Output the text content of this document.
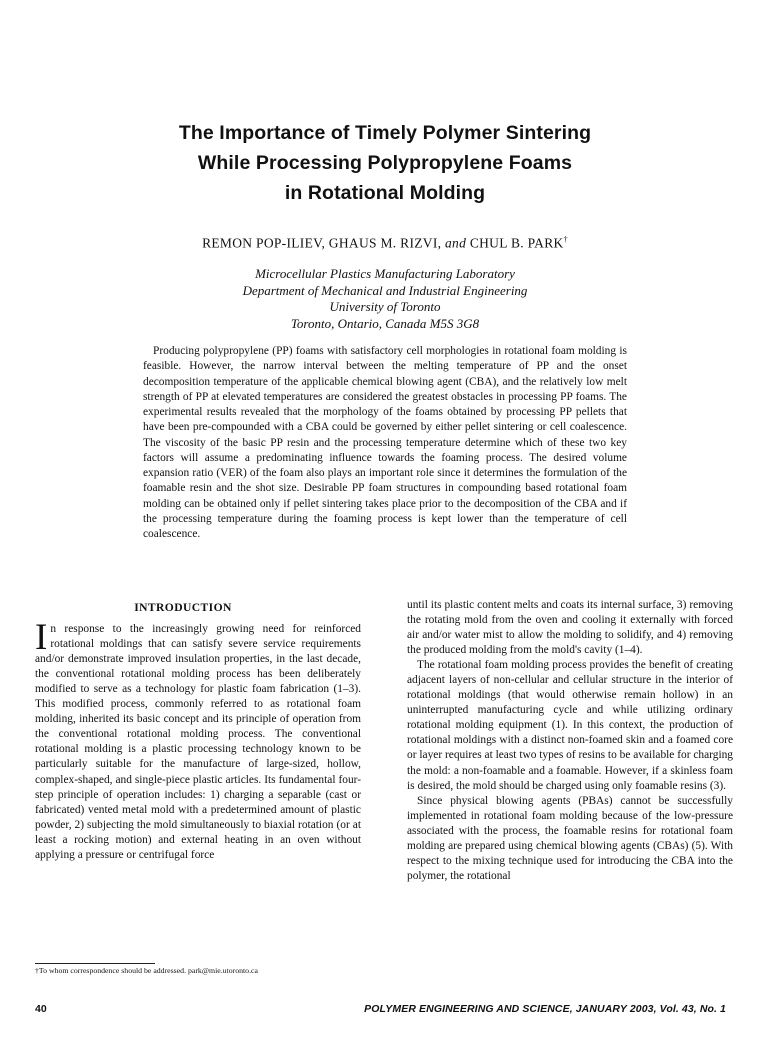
The Importance of Timely Polymer Sintering
While Processing Polypropylene Foams
in Rotational Molding
REMON POP-ILIEV, GHAUS M. RIZVI, and CHUL B. PARK†
Microcellular Plastics Manufacturing Laboratory
Department of Mechanical and Industrial Engineering
University of Toronto
Toronto, Ontario, Canada M5S 3G8

Producing polypropylene (PP) foams with satisfactory cell morphologies in rotational foam molding is feasible. However, the narrow interval between the melting temperature of PP and the onset decomposition temperature of the applicable chemical blowing agent (CBA), and the relatively low melt strength of PP at elevated temperatures are considered the greatest obstacles in processing PP foams. The experimental results revealed that the morphology of the foams obtained by processing PP pellets that have been pre-compounded with a CBA could be governed by either pellet sintering or cell coalescence. The viscosity of the basic PP resin and the processing temperature determine which of these two key factors will assume a predominating influence towards the foaming process. The desired volume expansion ratio (VER) of the foam also plays an important role since it determines the formulation of the foamable resin and the shot size. Desirable PP foam structures in compounding based rotational foam molding can be obtained only if pellet sintering takes place prior to the decomposition of the CBA and if the processing temperature during the foaming process is kept lower than the temperature of cell coalescence.

INTRODUCTION

In response to the increasingly growing need for reinforced rotational moldings that can satisfy severe service requirements and/or demonstrate improved insulation properties, in the last decade, the conventional rotational molding process has been deliberately modified to serve as a technology for plastic foam fabrication (1–3). This modified process, commonly referred to as rotational foam molding, inherited its basic concept and its principle of operation from the conventional rotational molding process. The conventional rotational molding is a plastic processing technology known to be particularly suitable for the manufacture of large-sized, hollow, complex-shaped, and single-piece plastic articles. Its fundamental four-step principle of operation includes: 1) charging a separable (cast or fabricated) vented metal mold with a predetermined amount of plastic powder, 2) subjecting the mold simultaneously to biaxial rotation (or at least a rocking motion) and external heating in an oven without applying a pressure or centrifugal force

until its plastic content melts and coats its internal surface, 3) removing the rotating mold from the oven and cooling it externally with forced air and/or water mist to allow the molding to solidify, and 4) removing the produced molding from the mold's cavity (1–4).

The rotational foam molding process provides the benefit of creating adjacent layers of non-cellular and cellular structure in the interior of rotational moldings (that would otherwise remain hollow) in an uninterrupted manufacturing cycle and while utilizing ordinary rotational molding equipment (1). In this context, the production of rotational moldings with a distinct non-foamed skin and a foamed core or layer requires at least two types of resins to be available for charging the mold: a non-foamable and a foamable. However, if a skinless foam is desired, the mold should be charged using only foamable resins (3).

Since physical blowing agents (PBAs) cannot be successfully implemented in rotational foam molding because of the low-pressure associated with the process, the foamable resins for rotational foam molding are prepared using chemical blowing agents (CBAs) (5). With respect to the mixing technique used for introducing the CBA into the polymer, the rotational

†To whom correspondence should be addressed. park@mie.utoronto.ca
40	POLYMER ENGINEERING AND SCIENCE, JANUARY 2003, Vol. 43, No. 1
